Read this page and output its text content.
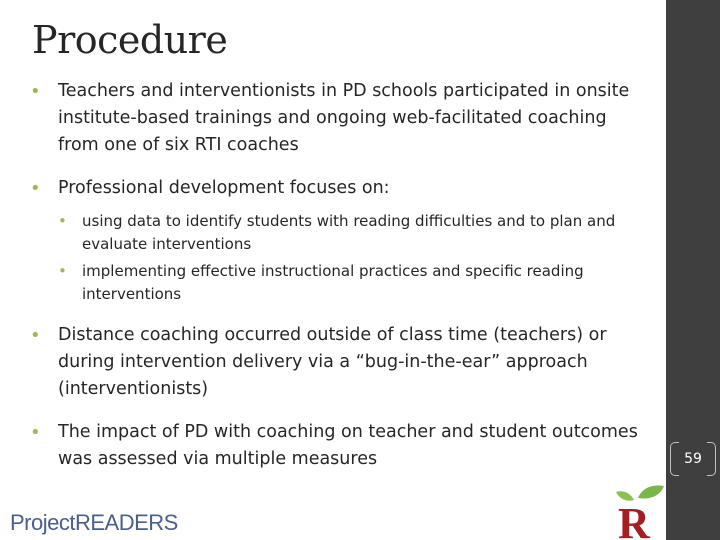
Procedure
• Teachers and interventionists in PD schools participated in onsite institute-based trainings and ongoing web-facilitated coaching from one of six RTI coaches
• Professional development focuses on:
• using data to identify students with reading difficulties and to plan and evaluate interventions
• implementing effective instructional practices and specific reading interventions
• Distance coaching occurred outside of class time (teachers) or during intervention delivery via a “bug-in-the-ear” approach (interventionists)
• The impact of PD with coaching on teacher and student outcomes was assessed via multiple measures	59
ProjectREADERS	R
